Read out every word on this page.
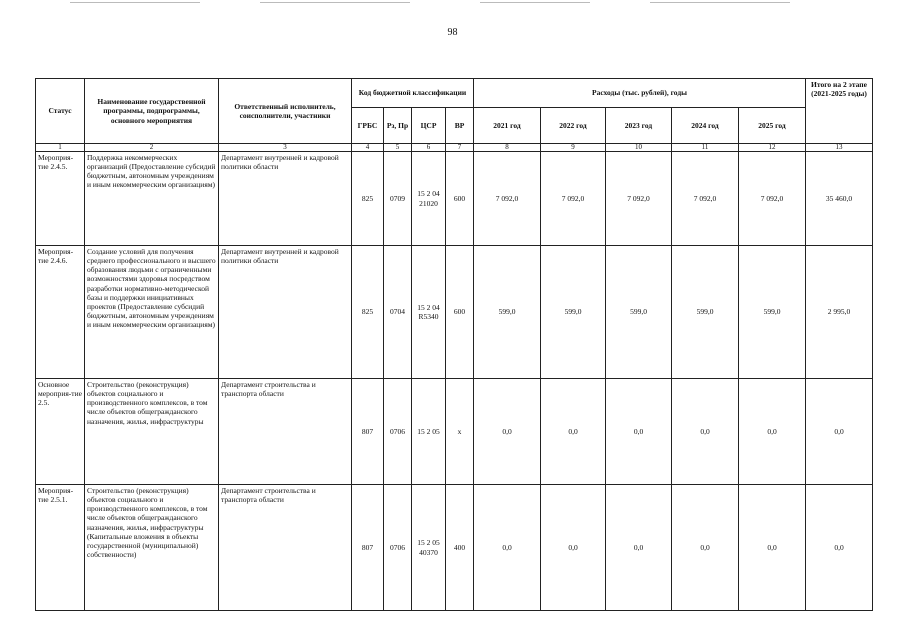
98
Статус	Наименование государственной программы, подпрограммы, основного мероприятия	Ответственный исполнитель, соисполнители, участники	Код бюджетной классификации				Расходы (тыс. рублей), годы					Итого на 2 этапе (2021-2025 годы)
			ГРБС	Рз, Пр	ЦСР	ВР	2021 год	2022 год	2023 год	2024 год	2025 год	
1	2	3	4	5	6	7	8	9	10	11	12	13
Мероприя-тие 2.4.5.	Поддержка некоммерческих организаций (Предоставление субсидий бюджетным, автономным учреждениям и иным некоммерческим организациям)	Департамент внутренней и кадровой политики области	825	0709	15 2 04 21020	600	7 092,0	7 092,0	7 092,0	7 092,0	7 092,0	35 460,0
Мероприя-тие 2.4.6.	Создание условий для получения среднего профессионального и высшего образования людьми с ограниченными возможностями здоровья посредством разработки нормативно-методической базы и поддержки инициативных проектов (Предоставление субсидий бюджетным, автономным учреждениям и иным некоммерческим организациям)	Департамент внутренней и кадровой политики области	825	0704	15 2 04 R5340	600	599,0	599,0	599,0	599,0	599,0	2 995,0
Основное мероприя-тие 2.5.	Строительство (реконструкция) объектов социального и производственного комплексов, в том числе объектов общегражданского назначения, жилья, инфраструктуры	Департамент строительства и транспорта области	807	0706	15 2 05	х	0,0	0,0	0,0	0,0	0,0	0,0
Мероприя-тие 2.5.1.	Строительство (реконструкция) объектов социального и производственного комплексов, в том числе объектов общегражданского назначения, жилья, инфраструктуры (Капитальные вложения в объекты государственной (муниципальной) собственности)	Департамент строительства и транспорта области	807	0706	15 2 05 40370	400	0,0	0,0	0,0	0,0	0,0	0,0
